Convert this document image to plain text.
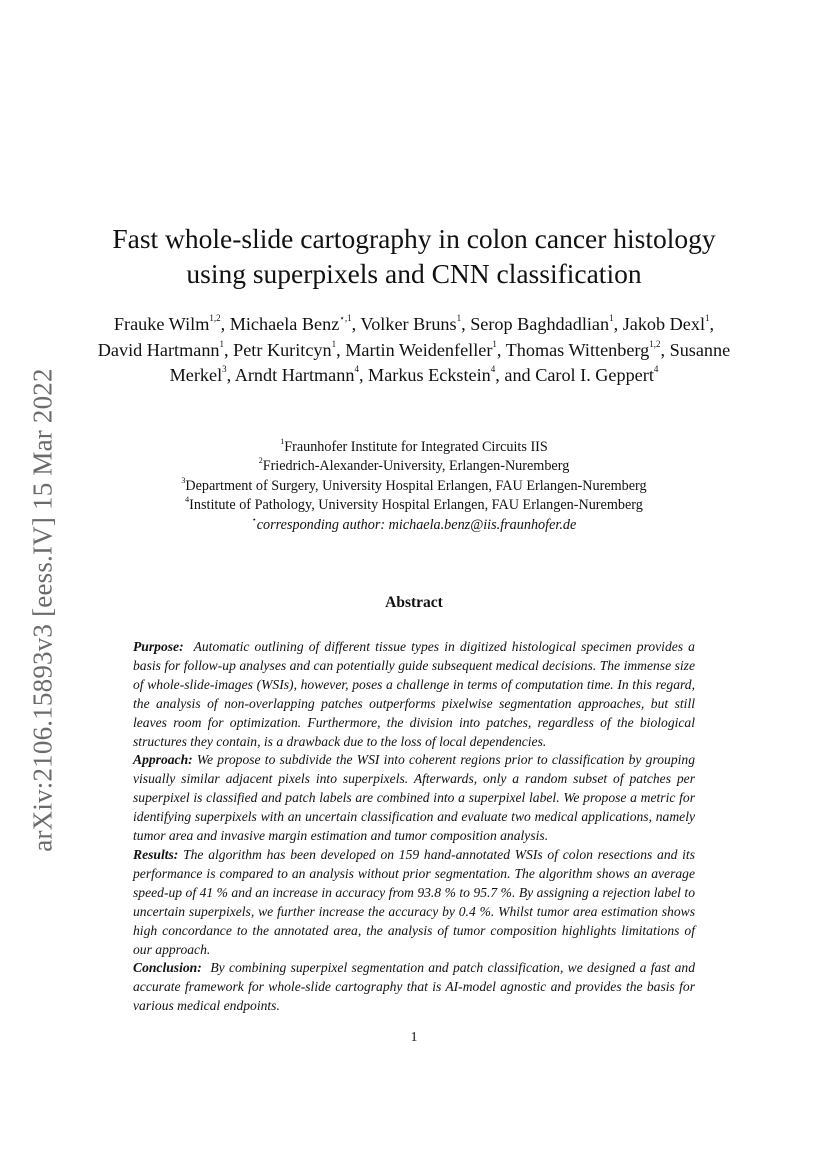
arXiv:2106.15893v3 [eess.IV] 15 Mar 2022
Fast whole-slide cartography in colon cancer histology
using superpixels and CNN classification
Frauke Wilm$^{1,2}$, Michaela Benz$^{⋆,1}$, Volker Bruns$^1$, Serop Baghdadlian$^1$, Jakob Dexl$^1$, David Hartmann$^1$, Petr Kuritcyn$^1$, Martin Weidenfeller$^1$, Thomas Wittenberg$^{1,2}$, Susanne Merkel$^3$, Arndt Hartmann$^4$, Markus Eckstein$^4$, and Carol I. Geppert$^4$
$^1$Fraunhofer Institute for Integrated Circuits IIS
$^2$Friedrich-Alexander-University, Erlangen-Nuremberg
$^3$Department of Surgery, University Hospital Erlangen, FAU Erlangen-Nuremberg
$^4$Institute of Pathology, University Hospital Erlangen, FAU Erlangen-Nuremberg
⋆corresponding author: michaela.benz@iis.fraunhofer.de
Abstract

Purpose: Automatic outlining of different tissue types in digitized histological specimen provides a basis for follow-up analyses and can potentially guide subsequent medical decisions. The immense size of whole-slide-images (WSIs), however, poses a challenge in terms of computation time. In this regard, the analysis of non-overlapping patches outperforms pixelwise segmentation approaches, but still leaves room for optimization. Furthermore, the division into patches, regardless of the biological structures they contain, is a drawback due to the loss of local dependencies.

Approach: We propose to subdivide the WSI into coherent regions prior to classification by grouping visually similar adjacent pixels into superpixels. Afterwards, only a random subset of patches per superpixel is classified and patch labels are combined into a superpixel label. We propose a metric for identifying superpixels with an uncertain classification and evaluate two medical applications, namely tumor area and invasive margin estimation and tumor composition analysis.

Results: The algorithm has been developed on 159 hand-annotated WSIs of colon resections and its performance is compared to an analysis without prior segmentation. The algorithm shows an average speed-up of 41 % and an increase in accuracy from 93.8 % to 95.7 %. By assigning a rejection label to uncertain superpixels, we further increase the accuracy by 0.4 %. Whilst tumor area estimation shows high concordance to the annotated area, the analysis of tumor composition highlights limitations of our approach.

Conclusion: By combining superpixel segmentation and patch classification, we designed a fast and accurate framework for whole-slide cartography that is AI-model agnostic and provides the basis for various medical endpoints.

1
